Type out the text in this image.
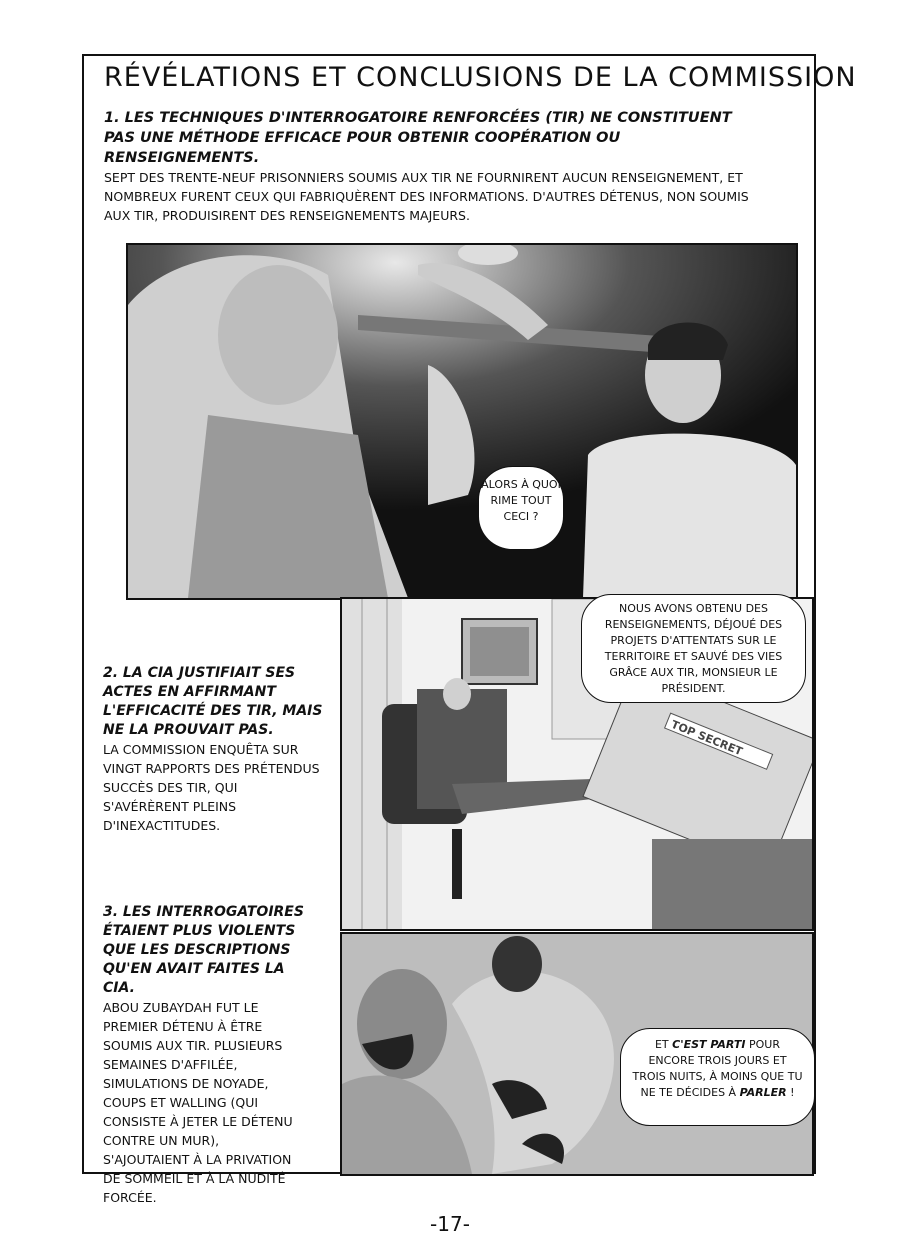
RÉVÉLATIONS ET CONCLUSIONS DE LA COMMISSION
1. LES TECHNIQUES D'INTERROGATOIRE RENFORCÉES (TIR) NE CONSTITUENT PAS UNE MÉTHODE EFFICACE POUR OBTENIR COOPÉRATION OU RENSEIGNEMENTS.
SEPT DES TRENTE-NEUF PRISONNIERS SOUMIS AUX TIR NE FOURNIRENT AUCUN RENSEIGNEMENT, ET NOMBREUX FURENT CEUX QUI FABRIQUÈRENT DES INFORMATIONS. D'AUTRES DÉTENUS, NON SOUMIS AUX TIR, PRODUISIRENT DES RENSEIGNEMENTS MAJEURS.
ALORS À QUOI RIME TOUT CECI ?
2. LA CIA JUSTIFIAIT SES ACTES EN AFFIRMANT L'EFFICACITÉ DES TIR, MAIS NE LA PROUVAIT PAS.
LA COMMISSION ENQUÊTA SUR VINGT RAPPORTS DES PRÉTENDUS SUCCÈS DES TIR, QUI S'AVÉRÈRENT PLEINS D'INEXACTITUDES.
TOP SECRET
NOUS AVONS OBTENU DES RENSEIGNEMENTS, DÉJOUÉ DES PROJETS D'ATTENTATS SUR LE TERRITOIRE ET SAUVÉ DES VIES GRÂCE AUX TIR, MONSIEUR LE PRÉSIDENT.
3. LES INTERROGATOIRES ÉTAIENT PLUS VIOLENTS QUE LES DESCRIPTIONS QU'EN AVAIT FAITES LA CIA.
ABOU ZUBAYDAH FUT LE PREMIER DÉTENU À ÊTRE SOUMIS AUX TIR. PLUSIEURS SEMAINES D'AFFILÉE, SIMULATIONS DE NOYADE, COUPS ET WALLING (QUI CONSISTE À JETER LE DÉTENU CONTRE UN MUR), S'AJOUTAIENT À LA PRIVATION DE SOMMEIL ET À LA NUDITÉ FORCÉE.
ET C'EST PARTI POUR ENCORE TROIS JOURS ET TROIS NUITS, À MOINS QUE TU NE TE DÉCIDES À PARLER !
-17-
